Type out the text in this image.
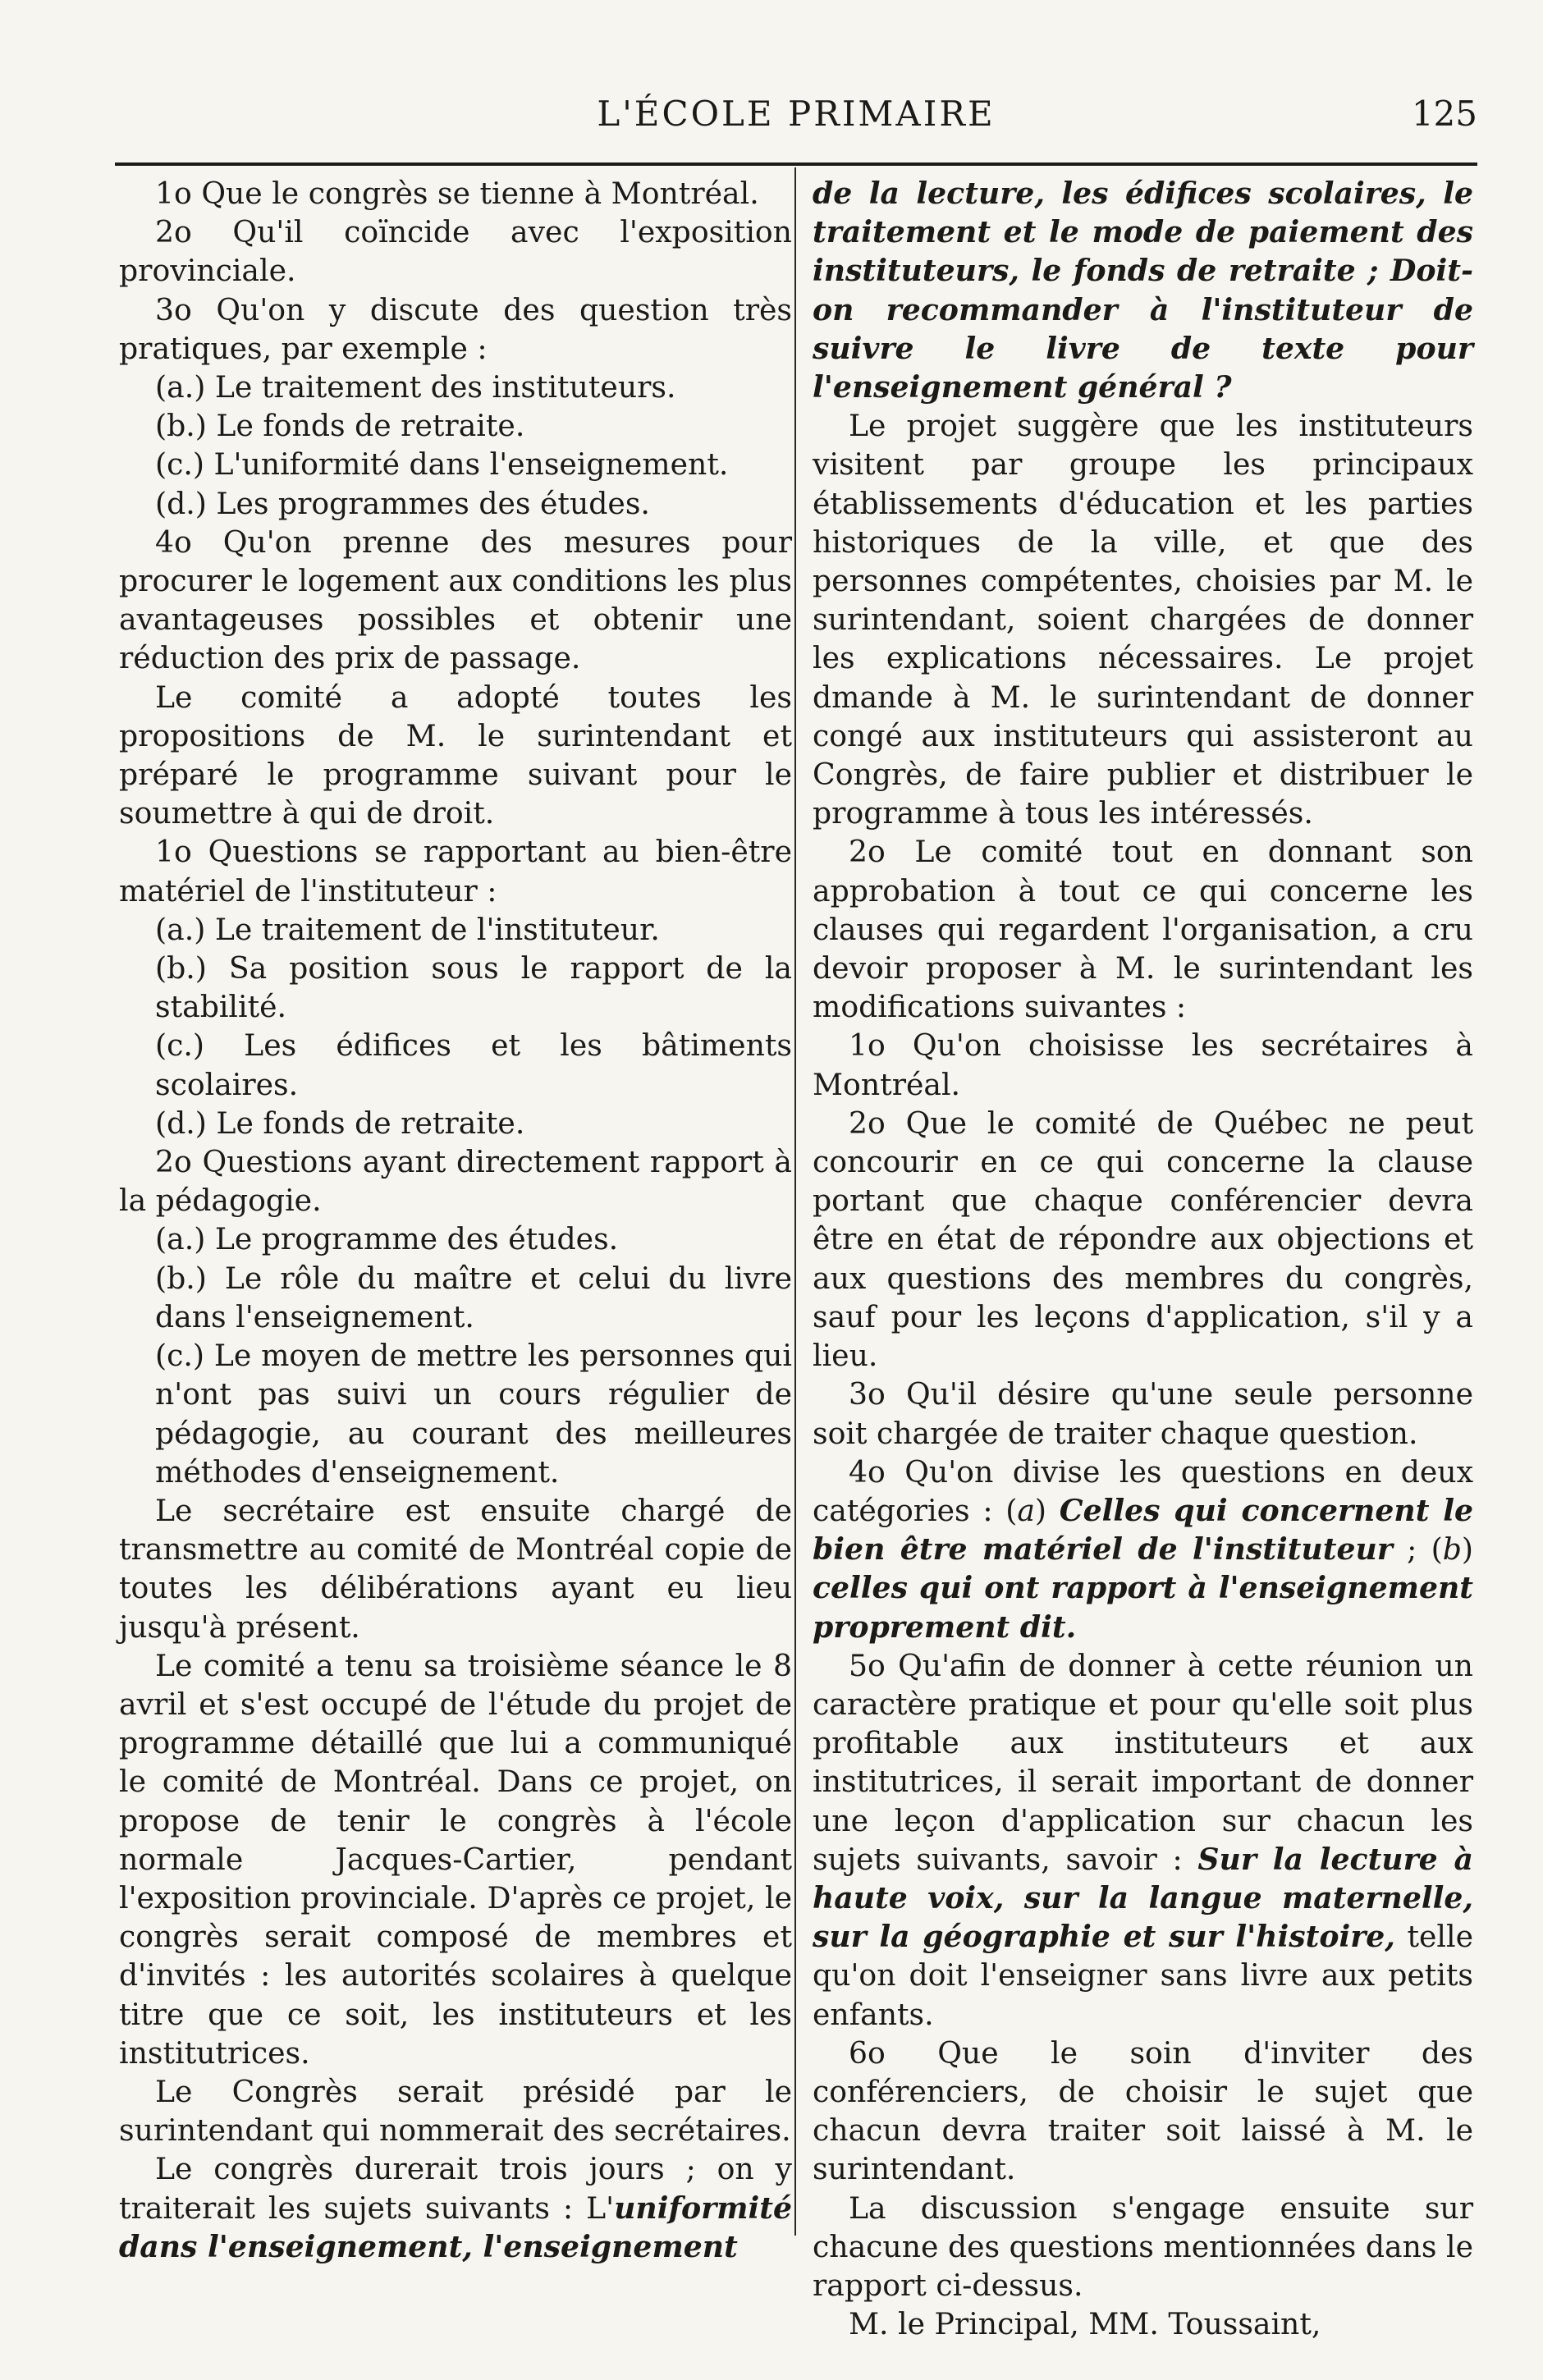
L'ÉCOLE PRIMAIRE	125

1o Que le congrès se tienne à Montréal.

2o Qu'il coïncide avec l'exposition provinciale.

3o Qu'on y discute des question très pratiques, par exemple :

(a.) Le traitement des instituteurs.

(b.) Le fonds de retraite.

(c.) L'uniformité dans l'enseignement.

(d.) Les programmes des études.

4o Qu'on prenne des mesures pour procurer le logement aux conditions les plus avantageuses possibles et obtenir une réduction des prix de passage.

Le comité a adopté toutes les propositions de M. le surintendant et préparé le programme suivant pour le soumettre à qui de droit.

1o Questions se rapportant au bien-être matériel de l'instituteur :

(a.) Le traitement de l'instituteur.

(b.) Sa position sous le rapport de la stabilité.

(c.) Les édifices et les bâtiments scolaires.

(d.) Le fonds de retraite.

2o Questions ayant directement rapport à la pédagogie.

(a.) Le programme des études.

(b.) Le rôle du maître et celui du livre dans l'enseignement.

(c.) Le moyen de mettre les personnes qui n'ont pas suivi un cours régulier de pédagogie, au courant des meilleures méthodes d'enseignement.

Le secrétaire est ensuite chargé de transmettre au comité de Montréal copie de toutes les délibérations ayant eu lieu jusqu'à présent.

Le comité a tenu sa troisième séance le 8 avril et s'est occupé de l'étude du projet de programme détaillé que lui a communiqué le comité de Montréal. Dans ce projet, on propose de tenir le congrès à l'école normale Jacques-Cartier, pendant l'exposition provinciale. D'après ce projet, le congrès serait composé de membres et d'invités : les autorités scolaires à quelque titre que ce soit, les instituteurs et les institutrices.

Le Congrès serait présidé par le surintendant qui nommerait des secrétaires.

Le congrès durerait trois jours ; on y traiterait les sujets suivants : L'uniformité dans l'enseignement, l'enseignement

de la lecture, les édifices scolaires, le traitement et le mode de paiement des instituteurs, le fonds de retraite ; Doit-on recommander à l'instituteur de suivre le livre de texte pour l'enseignement général ?

Le projet suggère que les instituteurs visitent par groupe les principaux établissements d'éducation et les parties historiques de la ville, et que des personnes compétentes, choisies par M. le surintendant, soient chargées de donner les explications nécessaires. Le projet dmande à M. le surintendant de donner congé aux instituteurs qui assisteront au Congrès, de faire publier et distribuer le programme à tous les intéressés.

2o Le comité tout en donnant son approbation à tout ce qui concerne les clauses qui regardent l'organisation, a cru devoir proposer à M. le surintendant les modifications suivantes :

1o Qu'on choisisse les secrétaires à Montréal.

2o Que le comité de Québec ne peut concourir en ce qui concerne la clause portant que chaque conférencier devra être en état de répondre aux objections et aux questions des membres du congrès, sauf pour les leçons d'application, s'il y a lieu.

3o Qu'il désire qu'une seule personne soit chargée de traiter chaque question.

4o Qu'on divise les questions en deux catégories : (a) Celles qui concernent le bien être matériel de l'instituteur ; (b) celles qui ont rapport à l'enseignement proprement dit.

5o Qu'afin de donner à cette réunion un caractère pratique et pour qu'elle soit plus profitable aux instituteurs et aux institutrices, il serait important de donner une leçon d'application sur chacun les sujets suivants, savoir : Sur la lecture à haute voix, sur la langue maternelle, sur la géographie et sur l'histoire, telle qu'on doit l'enseigner sans livre aux petits enfants.

6o Que le soin d'inviter des conférenciers, de choisir le sujet que chacun devra traiter soit laissé à M. le surintendant.

La discussion s'engage ensuite sur chacune des questions mentionnées dans le rapport ci-dessus.

M. le Principal, MM. Toussaint,
